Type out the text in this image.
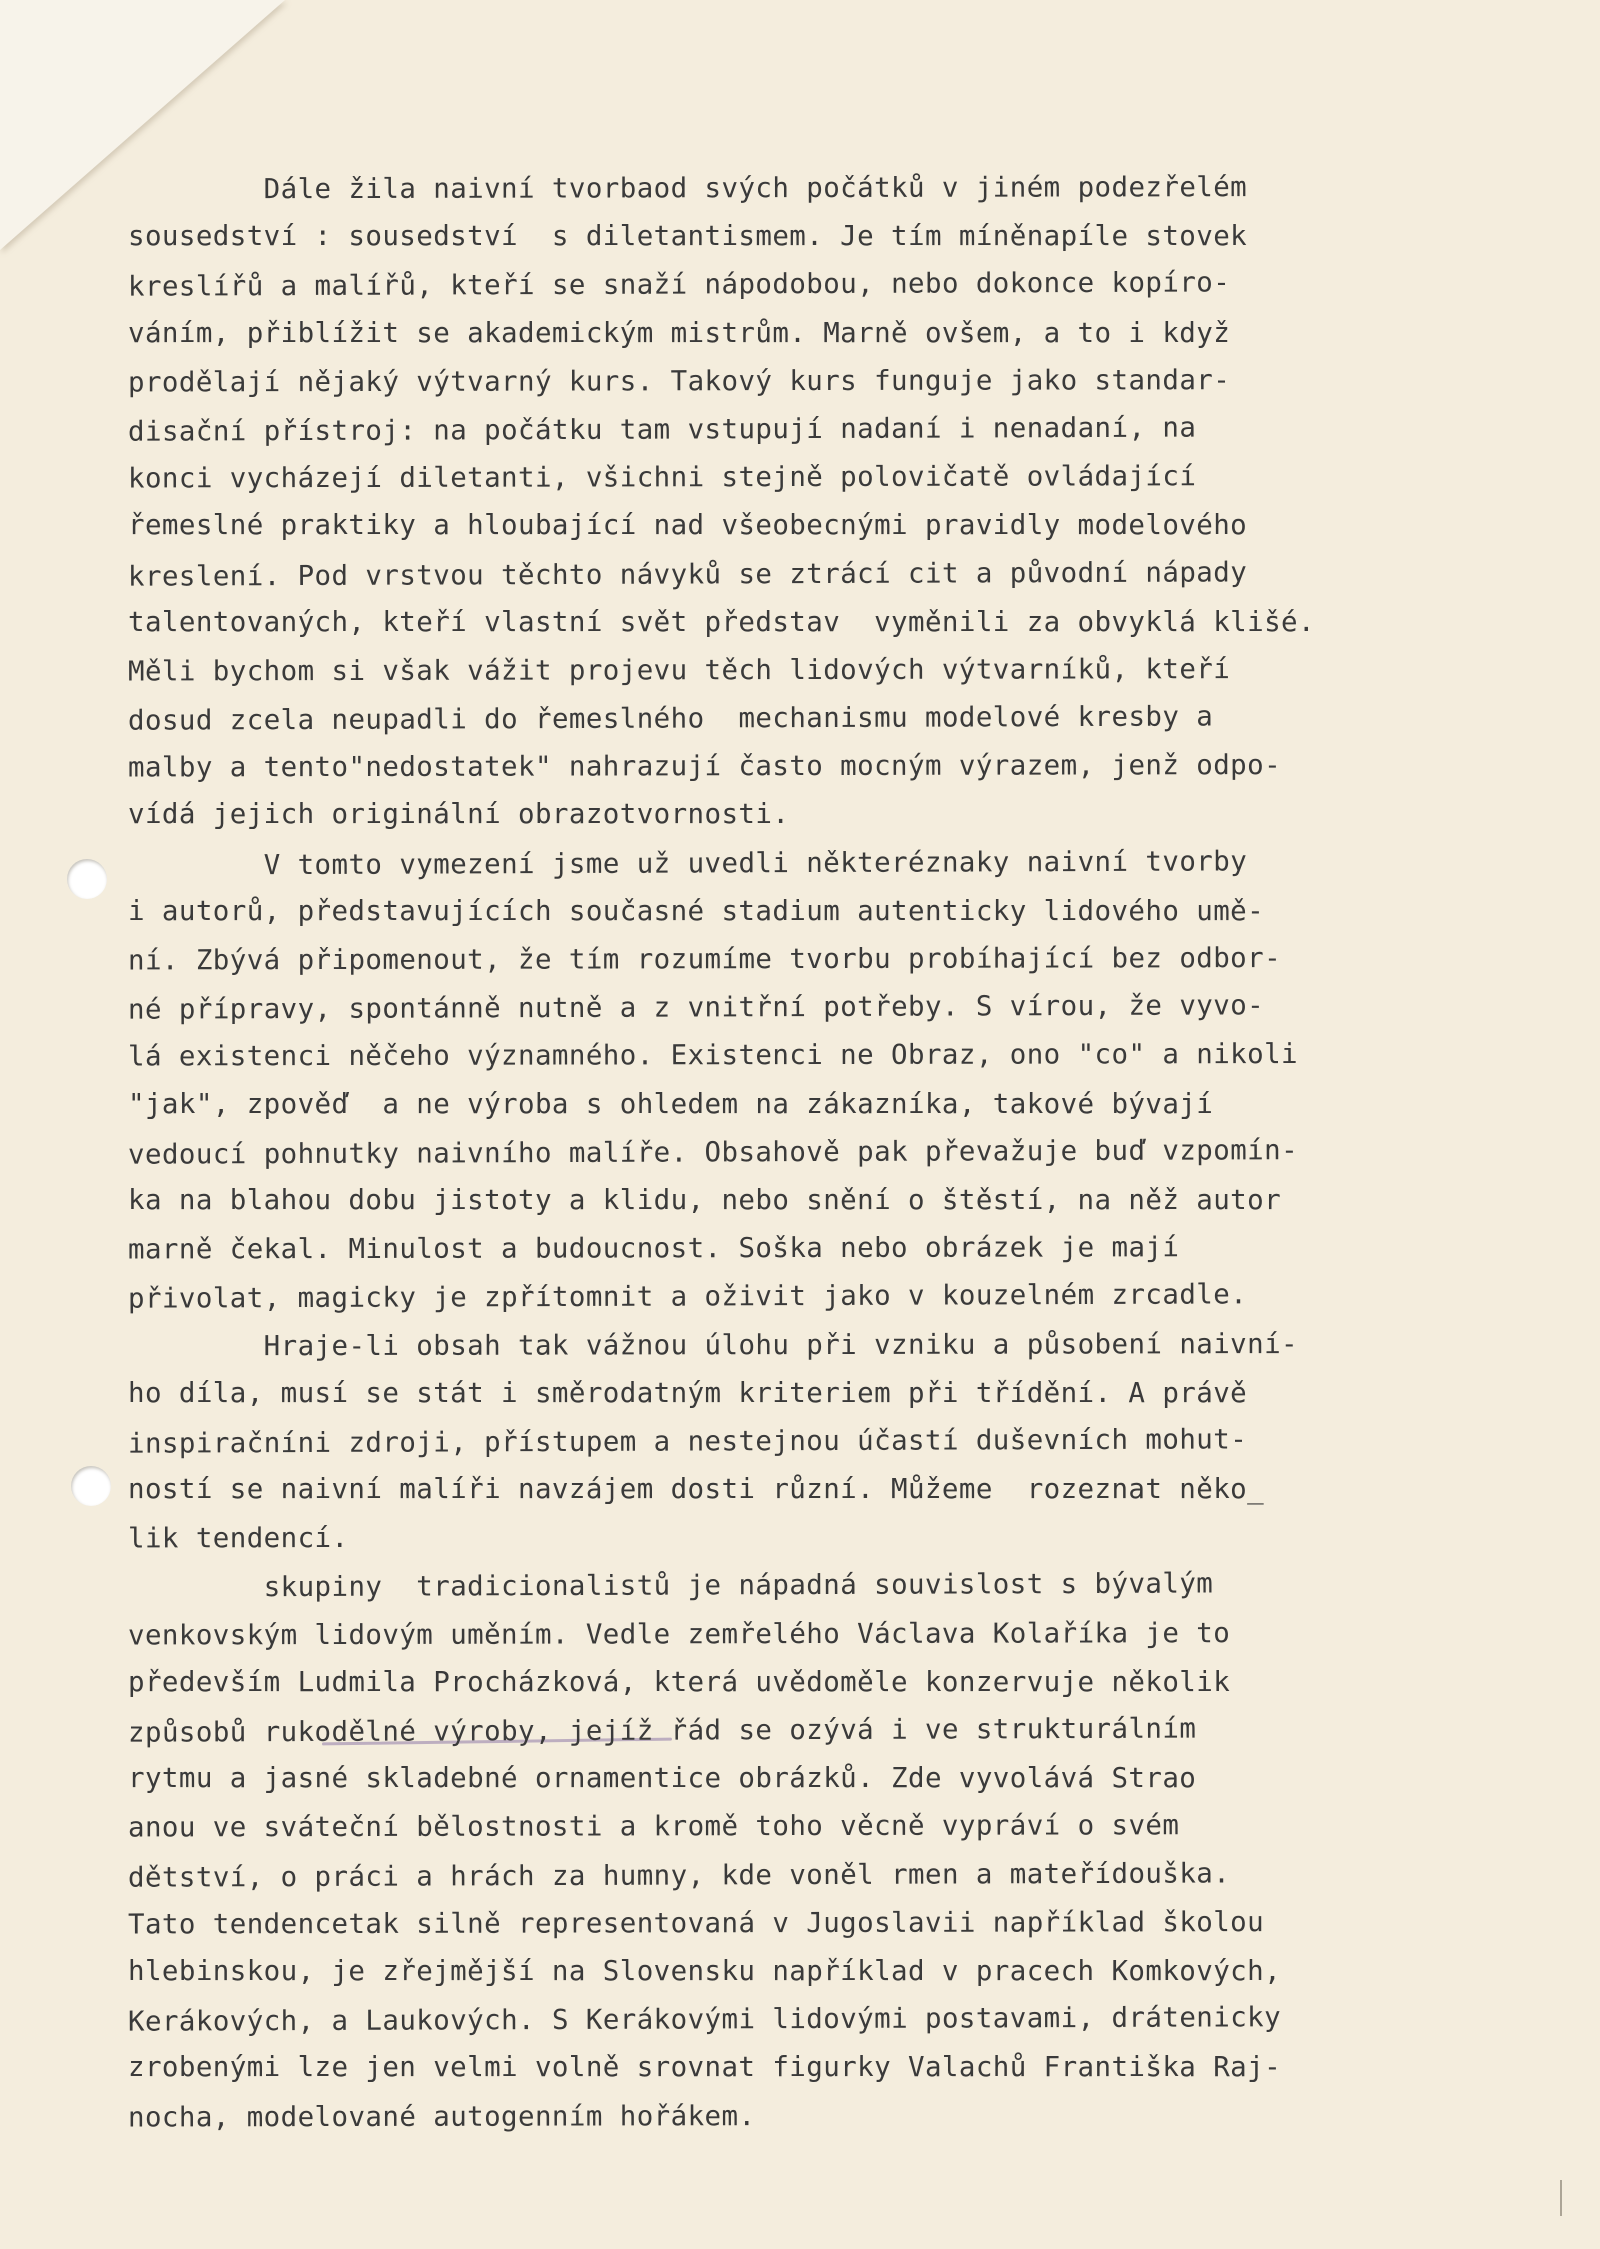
Dále žila naivní tvorbaod svých počátků v jiném podezřelém
sousedství : sousedství  s diletantismem. Je tím míněnapíle stovek
kreslířů a malířů, kteří se snaží nápodobou, nebo dokonce kopíro-
váním, přiblížit se akademickým mistrům. Marně ovšem, a to i když
prodělají nějaký výtvarný kurs. Takový kurs funguje jako standar-
disační přístroj: na počátku tam vstupují nadaní i nenadaní, na
konci vycházejí diletanti, všichni stejně polovičatě ovládající
řemeslné praktiky a hloubající nad všeobecnými pravidly modelového
kreslení. Pod vrstvou těchto návyků se ztrácí cit a původní nápady
talentovaných, kteří vlastní svět představ  vyměnili za obvyklá klišé.
Měli bychom si však vážit projevu těch lidových výtvarníků, kteří
dosud zcela neupadli do řemeslného  mechanismu modelové kresby a
malby a tento"nedostatek" nahrazují často mocným výrazem, jenž odpo-
vídá jejich originální obrazotvornosti.
V tomto vymezení jsme už uvedli některéznaky naivní tvorby
i autorů, představujících současné stadium autenticky lidového umě-
ní. Zbývá připomenout, že tím rozumíme tvorbu probíhající bez odbor-
né přípravy, spontánně nutně a z vnitřní potřeby. S vírou, že vyvo-
lá existenci něčeho významného. Existenci ne Obraz, ono "co" a nikoli
"jak", zpověď  a ne výroba s ohledem na zákazníka, takové bývají
vedoucí pohnutky naivního malíře. Obsahově pak převažuje buď vzpomín-
ka na blahou dobu jistoty a klidu, nebo snění o štěstí, na něž autor
marně čekal. Minulost a budoucnost. Soška nebo obrázek je mají
přivolat, magicky je zpřítomnit a oživit jako v kouzelném zrcadle.
Hraje-li obsah tak vážnou úlohu při vzniku a působení naivní-
ho díla, musí se stát i směrodatným kriteriem při třídění. A právě
inspiračníni zdroji, přístupem a nestejnou účastí duševních mohut-
ností se naivní malíři navzájem dosti různí. Můžeme  rozeznat něko_
lik tendencí.
skupiny  tradicionalistů je nápadná souvislost s bývalým
venkovským lidovým uměním. Vedle zemřelého Václava Kolaříka je to
především Ludmila Procházková, která uvědoměle konzervuje několik
způsobů rukodělné výroby, jejíž řád se ozývá i ve strukturálním
rytmu a jasné skladebné ornamentice obrázků. Zde vyvolává Strao
anou ve sváteční bělostnosti a kromě toho věcně vypráví o svém
dětství, o práci a hrách za humny, kde voněl rmen a mateřídouška.
Tato tendencetak silně representovaná v Jugoslavii například školou
hlebinskou, je zřejmější na Slovensku například v pracech Komkových,
Kerákových, a Laukových. S Kerákovými lidovými postavami, drátenicky
zrobenými lze jen velmi volně srovnat figurky Valachů Františka Raj-
nocha, modelované autogenním hořákem.
